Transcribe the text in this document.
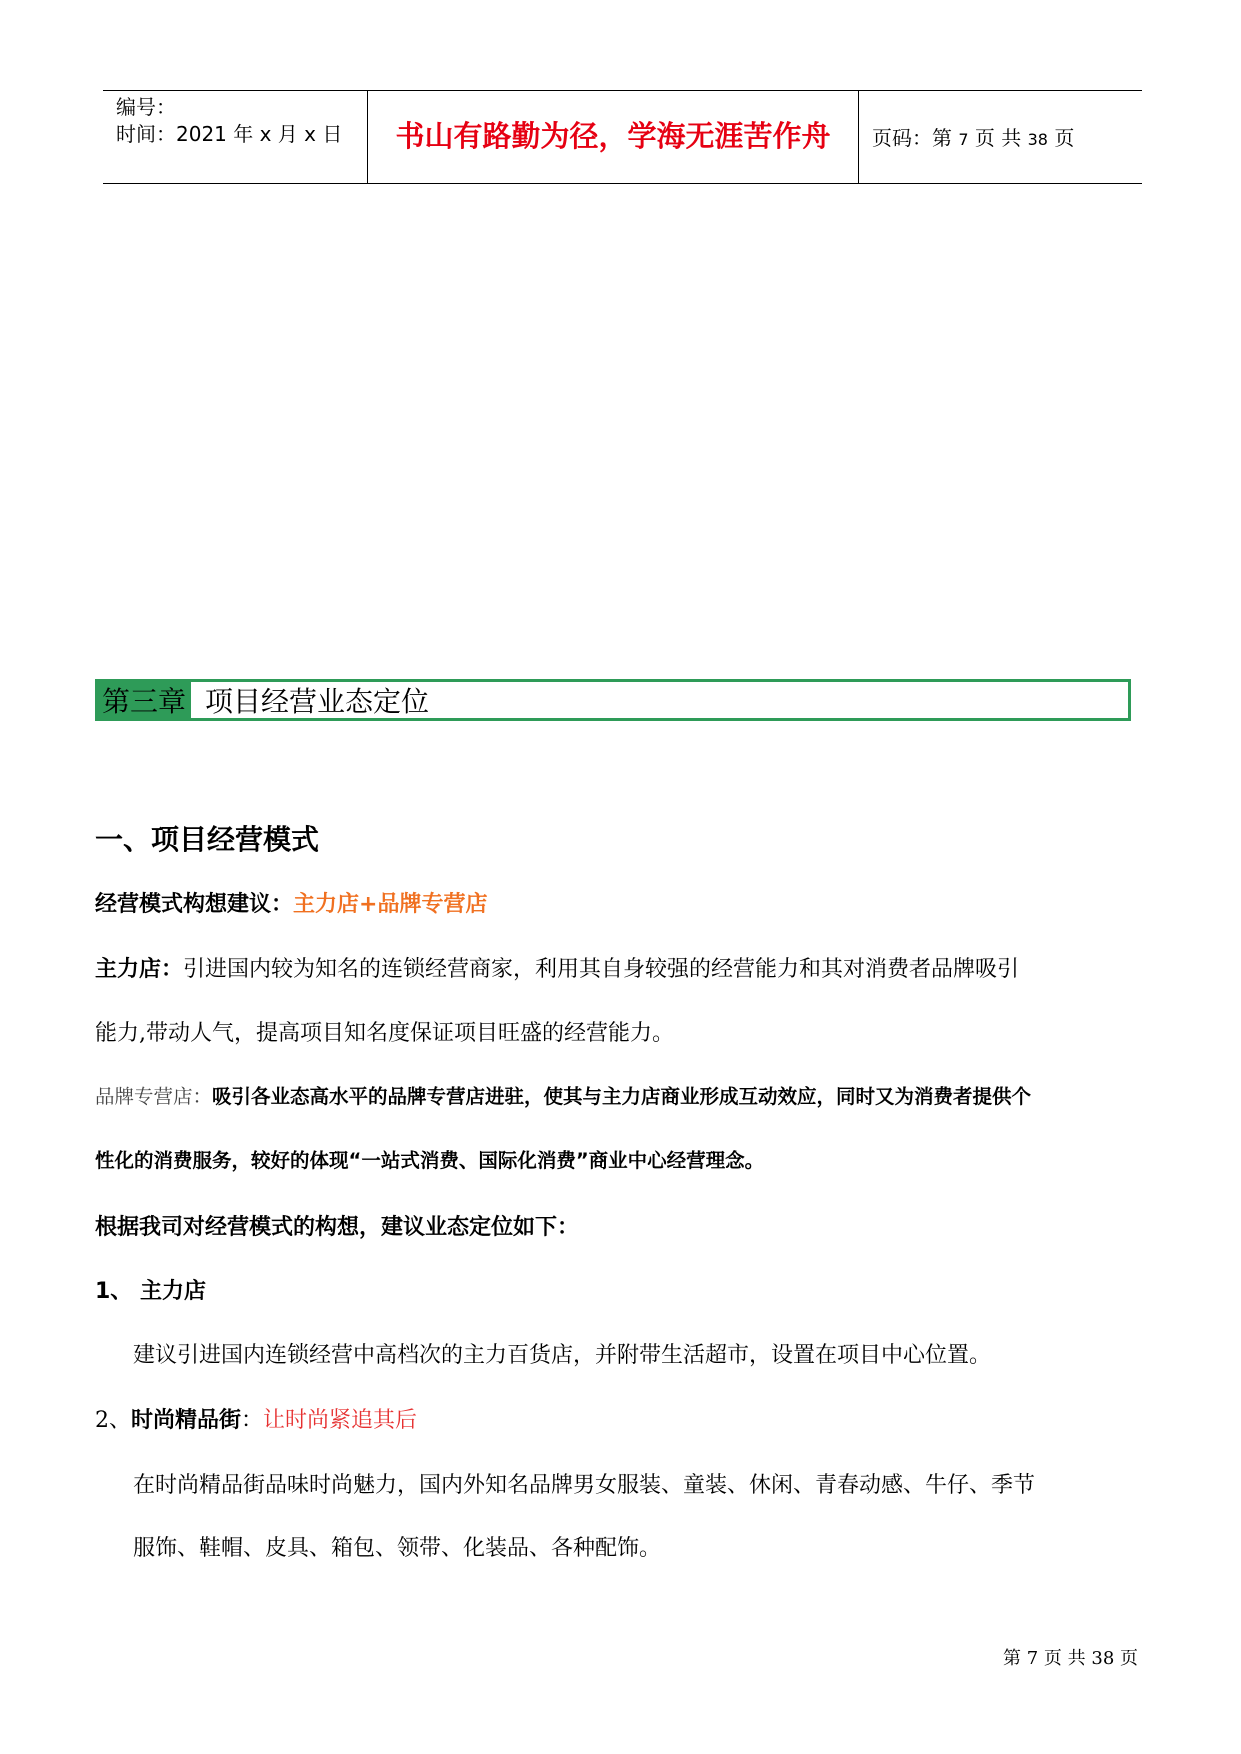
编号：
时间：2021 年 x 月 x 日	书山有路勤为径，学海无涯苦作舟	页码：第 7 页 共 38 页
第三章 项目经营业态定位
一、项目经营模式
经营模式构想建议：主力店+品牌专营店
主力店：引进国内较为知名的连锁经营商家，利用其自身较强的经营能力和其对消费者品牌吸引
能力,带动人气，提高项目知名度保证项目旺盛的经营能力。
品牌专营店：吸引各业态高水平的品牌专营店进驻，使其与主力店商业形成互动效应，同时又为消费者提供个
性化的消费服务，较好的体现“一站式消费、国际化消费”商业中心经营理念。
根据我司对经营模式的构想，建议业态定位如下：
1、 主力店
建议引进国内连锁经营中高档次的主力百货店，并附带生活超市，设置在项目中心位置。
2、时尚精品街：让时尚紧追其后
在时尚精品街品味时尚魅力，国内外知名品牌男女服装、童装、休闲、青春动感、牛仔、季节
服饰、鞋帽、皮具、箱包、领带、化装品、各种配饰。
第 7 页 共 38 页
